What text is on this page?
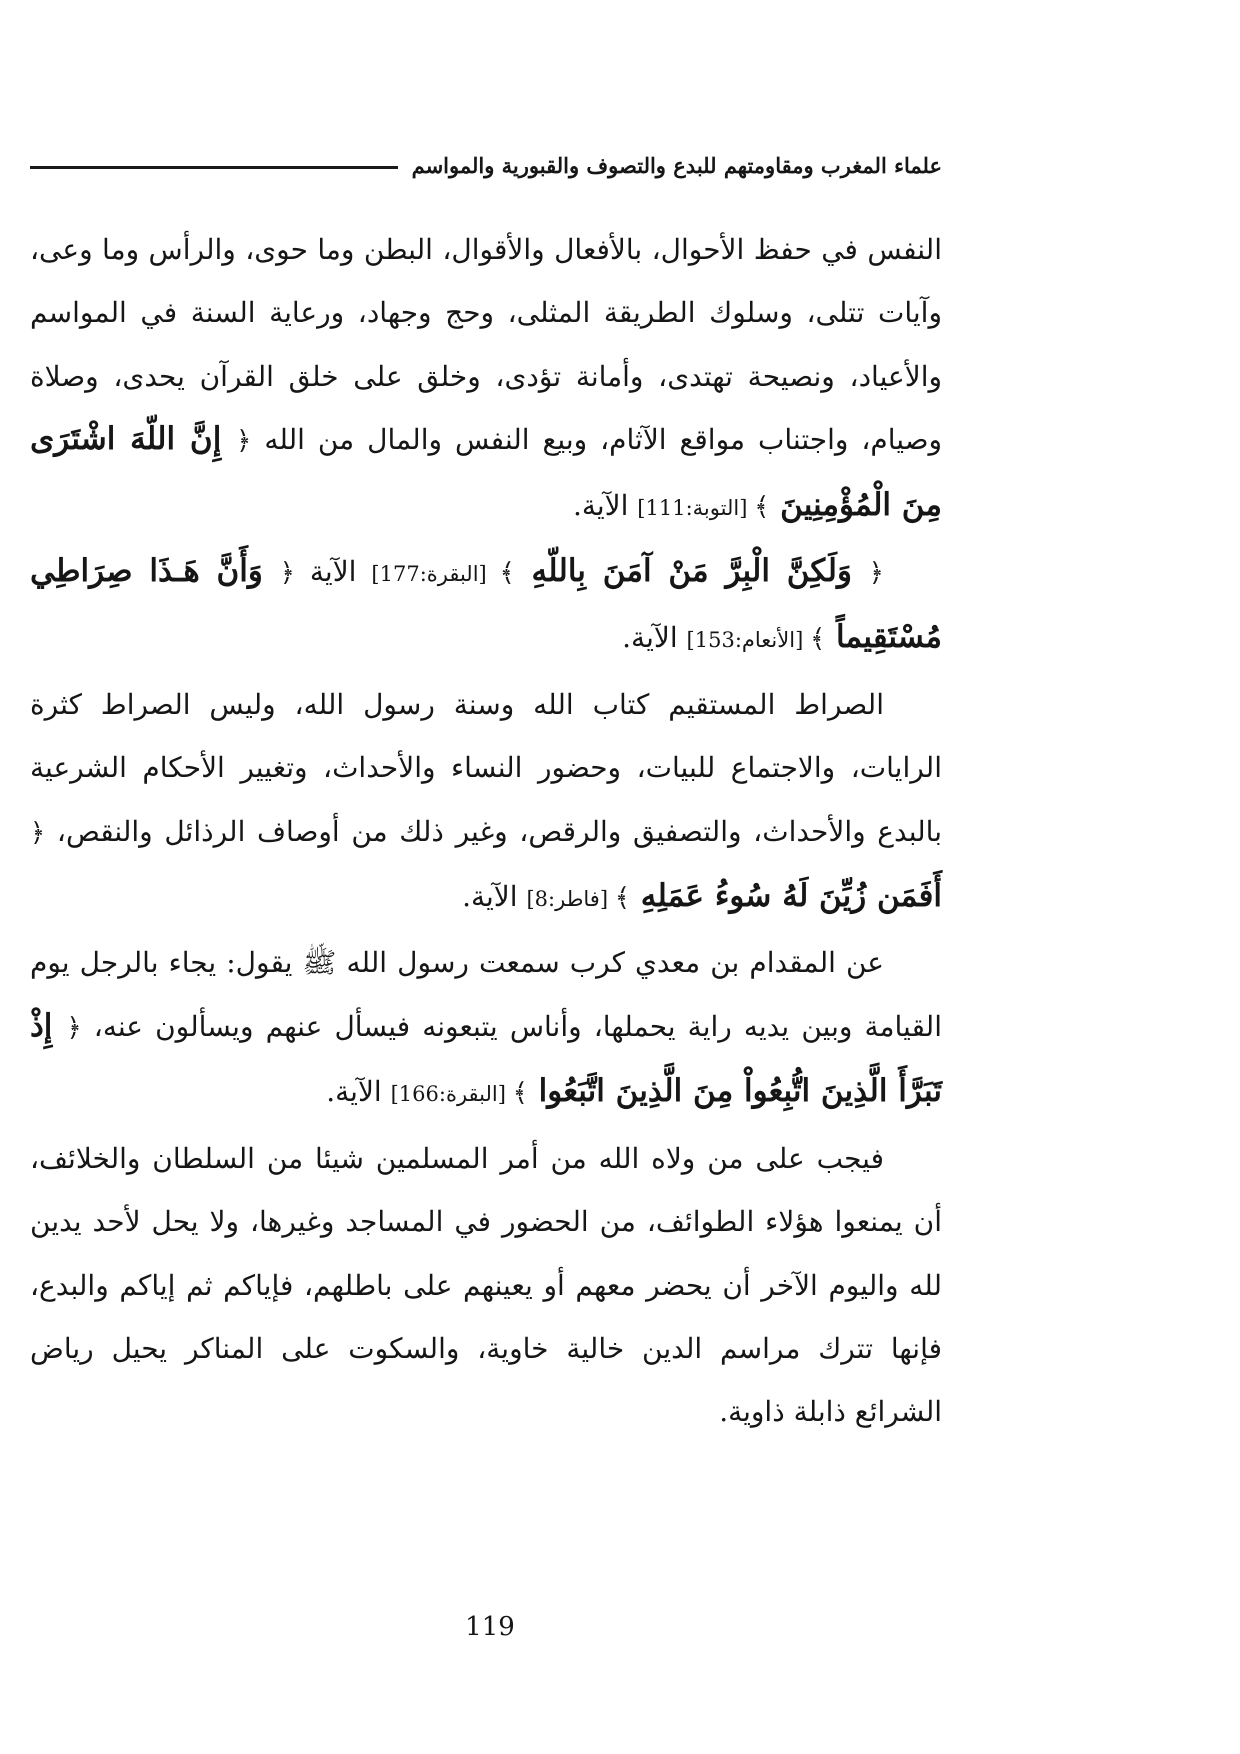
علماء المغرب ومقاومتهم للبدع والتصوف والقبورية والمواسم

النفس في حفظ الأحوال، بالأفعال والأقوال، البطن وما حوى، والرأس وما وعى، وآيات تتلى، وسلوك الطريقة المثلى، وحج وجهاد، ورعاية السنة في المواسم والأعياد، ونصيحة تهتدى، وأمانة تؤدى، وخلق على خلق القرآن يحدى، وصلاة وصيام، واجتناب مواقع الآثام، وبيع النفس والمال من الله ﴿ إِنَّ اللّهَ اشْتَرَى مِنَ الْمُؤْمِنِينَ ﴾ [التوبة:111] الآية.

﴿ وَلَكِنَّ الْبِرَّ مَنْ آمَنَ بِاللّهِ ﴾ [البقرة:177] الآية ﴿ وَأَنَّ هَـذَا صِرَاطِي مُسْتَقِيماً ﴾ [الأنعام:153] الآية.

الصراط المستقيم كتاب الله وسنة رسول الله، وليس الصراط كثرة الرايات، والاجتماع للبيات، وحضور النساء والأحداث، وتغيير الأحكام الشرعية بالبدع والأحداث، والتصفيق والرقص، وغير ذلك من أوصاف الرذائل والنقص، ﴿ أَفَمَن زُيِّنَ لَهُ سُوءُ عَمَلِهِ ﴾ [فاطر:8] الآية.

عن المقدام بن معدي كرب سمعت رسول الله ﷺ يقول: يجاء بالرجل يوم القيامة وبين يديه راية يحملها، وأناس يتبعونه فيسأل عنهم ويسألون عنه، ﴿ إِذْ تَبَرَّأَ الَّذِينَ اتُّبِعُواْ مِنَ الَّذِينَ اتَّبَعُوا ﴾ [البقرة:166] الآية.

فيجب على من ولاه الله من أمر المسلمين شيئا من السلطان والخلائف، أن يمنعوا هؤلاء الطوائف، من الحضور في المساجد وغيرها، ولا يحل لأحد يدين لله واليوم الآخر أن يحضر معهم أو يعينهم على باطلهم، فإياكم ثم إياكم والبدع، فإنها تترك مراسم الدين خالية خاوية، والسكوت على المناكر يحيل رياض الشرائع ذابلة ذاوية.

119
